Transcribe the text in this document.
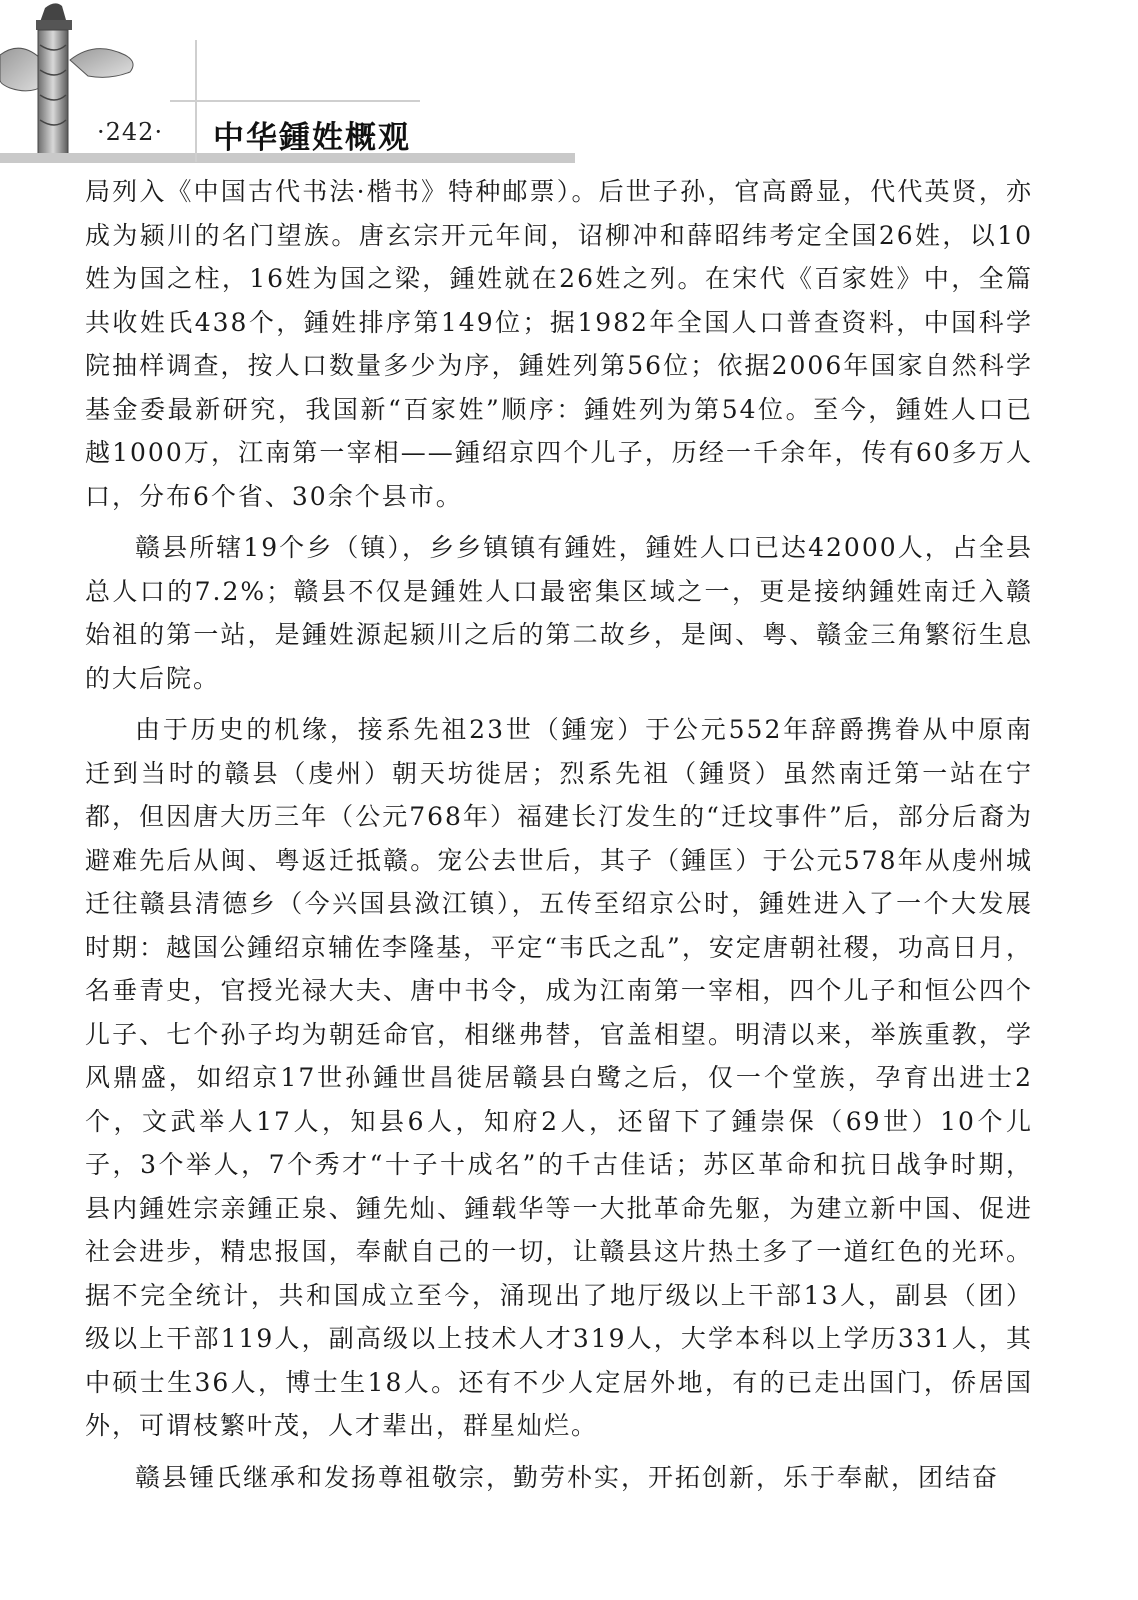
·242· 中华鍾姓概观

局列入《中国古代书法·楷书》特种邮票）。后世子孙，官高爵显，代代英贤，亦成为颍川的名门望族。唐玄宗开元年间，诏柳冲和薛昭纬考定全国26姓，以10姓为国之柱，16姓为国之梁，鍾姓就在26姓之列。在宋代《百家姓》中，全篇共收姓氏438个，鍾姓排序第149位；据1982年全国人口普查资料，中国科学院抽样调查，按人口数量多少为序，鍾姓列第56位；依据2006年国家自然科学基金委最新研究，我国新“百家姓”顺序：鍾姓列为第54位。至今，鍾姓人口已越1000万，江南第一宰相——鍾绍京四个儿子，历经一千余年，传有60多万人口，分布6个省、30余个县市。

赣县所辖19个乡（镇），乡乡镇镇有鍾姓，鍾姓人口已达42000人，占全县总人口的7.2%；赣县不仅是鍾姓人口最密集区域之一，更是接纳鍾姓南迁入赣始祖的第一站，是鍾姓源起颍川之后的第二故乡，是闽、粤、赣金三角繁衍生息的大后院。

由于历史的机缘，接系先祖23世（鍾宠）于公元552年辞爵携眷从中原南迁到当时的赣县（虔州）朝天坊徙居；烈系先祖（鍾贤）虽然南迁第一站在宁都，但因唐大历三年（公元768年）福建长汀发生的“迁坟事件”后，部分后裔为避难先后从闽、粤返迁抵赣。宠公去世后，其子（鍾匡）于公元578年从虔州城迁往赣县清德乡（今兴国县潋江镇），五传至绍京公时，鍾姓进入了一个大发展时期：越国公鍾绍京辅佐李隆基，平定“韦氏之乱”，安定唐朝社稷，功高日月，名垂青史，官授光禄大夫、唐中书令，成为江南第一宰相，四个儿子和恒公四个儿子、七个孙子均为朝廷命官，相继弗替，官盖相望。明清以来，举族重教，学风鼎盛，如绍京17世孙鍾世昌徙居赣县白鹭之后，仅一个堂族，孕育出进士2个，文武举人17人，知县6人，知府2人，还留下了鍾崇保（69世）10个儿子，3个举人，7个秀才“十子十成名”的千古佳话；苏区革命和抗日战争时期，县内鍾姓宗亲鍾正泉、鍾先灿、鍾载华等一大批革命先躯，为建立新中国、促进社会进步，精忠报国，奉献自己的一切，让赣县这片热土多了一道红色的光环。据不完全统计，共和国成立至今，涌现出了地厅级以上干部13人，副县（团）级以上干部119人，副高级以上技术人才319人，大学本科以上学历331人，其中硕士生36人，博士生18人。还有不少人定居外地，有的已走出国门，侨居国外，可谓枝繁叶茂，人才辈出，群星灿烂。

赣县锺氏继承和发扬尊祖敬宗，勤劳朴实，开拓创新，乐于奉献，团结奋
